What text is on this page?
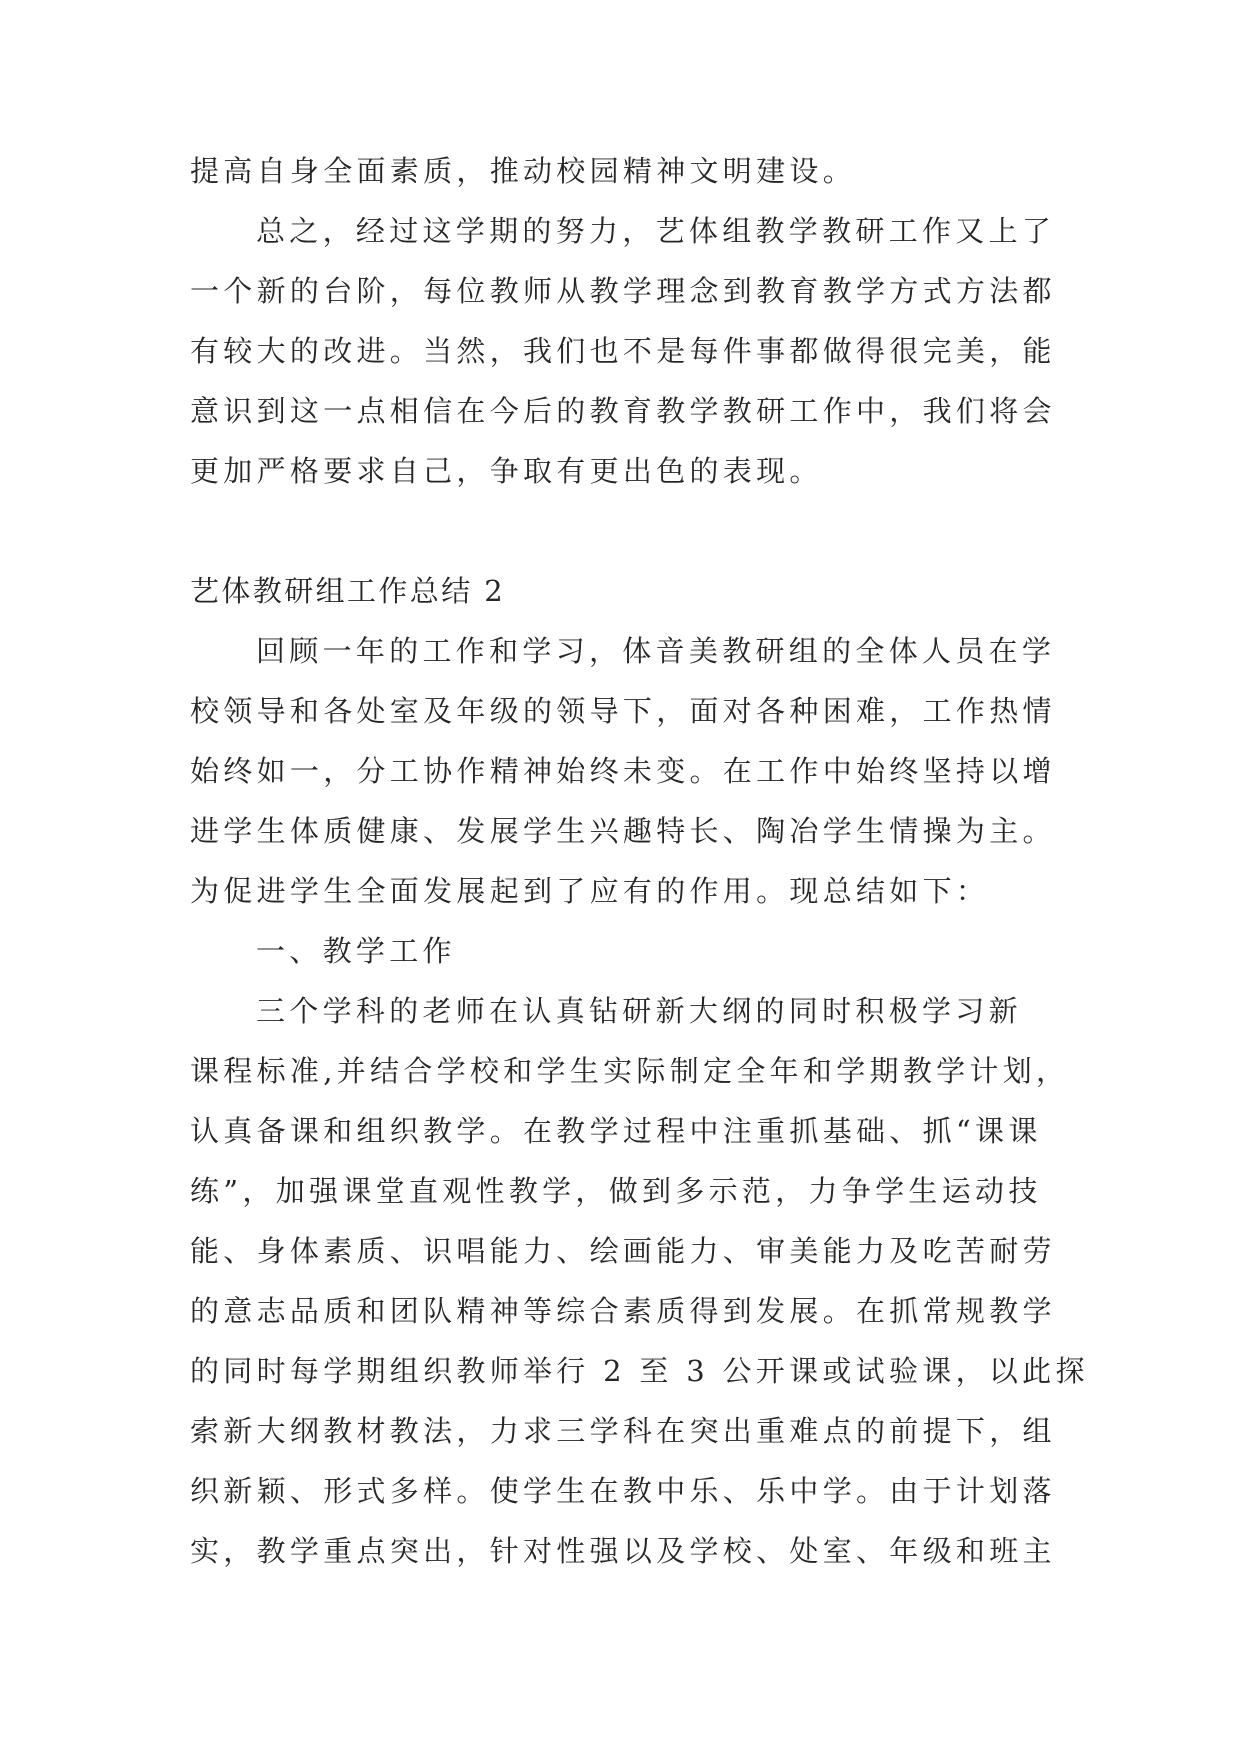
提高自身全面素质，推动校园精神文明建设。
总之，经过这学期的努力，艺体组教学教研工作又上了
一个新的台阶，每位教师从教学理念到教育教学方式方法都
有较大的改进。当然，我们也不是每件事都做得很完美，能
意识到这一点相信在今后的教育教学教研工作中，我们将会
更加严格要求自己，争取有更出色的表现。
艺体教研组工作总结 2
回顾一年的工作和学习，体音美教研组的全体人员在学
校领导和各处室及年级的领导下，面对各种困难，工作热情
始终如一，分工协作精神始终未变。在工作中始终坚持以增
进学生体质健康、发展学生兴趣特长、陶冶学生情操为主。
为促进学生全面发展起到了应有的作用。现总结如下：
一、教学工作
三个学科的老师在认真钻研新大纲的同时积极学习新
课程标准,并结合学校和学生实际制定全年和学期教学计划，
认真备课和组织教学。在教学过程中注重抓基础、抓“课课
练”，加强课堂直观性教学，做到多示范，力争学生运动技
能、身体素质、识唱能力、绘画能力、审美能力及吃苦耐劳
的意志品质和团队精神等综合素质得到发展。在抓常规教学
的同时每学期组织教师举行 2 至 3 公开课或试验课，以此探
索新大纲教材教法，力求三学科在突出重难点的前提下，组
织新颖、形式多样。使学生在教中乐、乐中学。由于计划落
实，教学重点突出，针对性强以及学校、处室、年级和班主
